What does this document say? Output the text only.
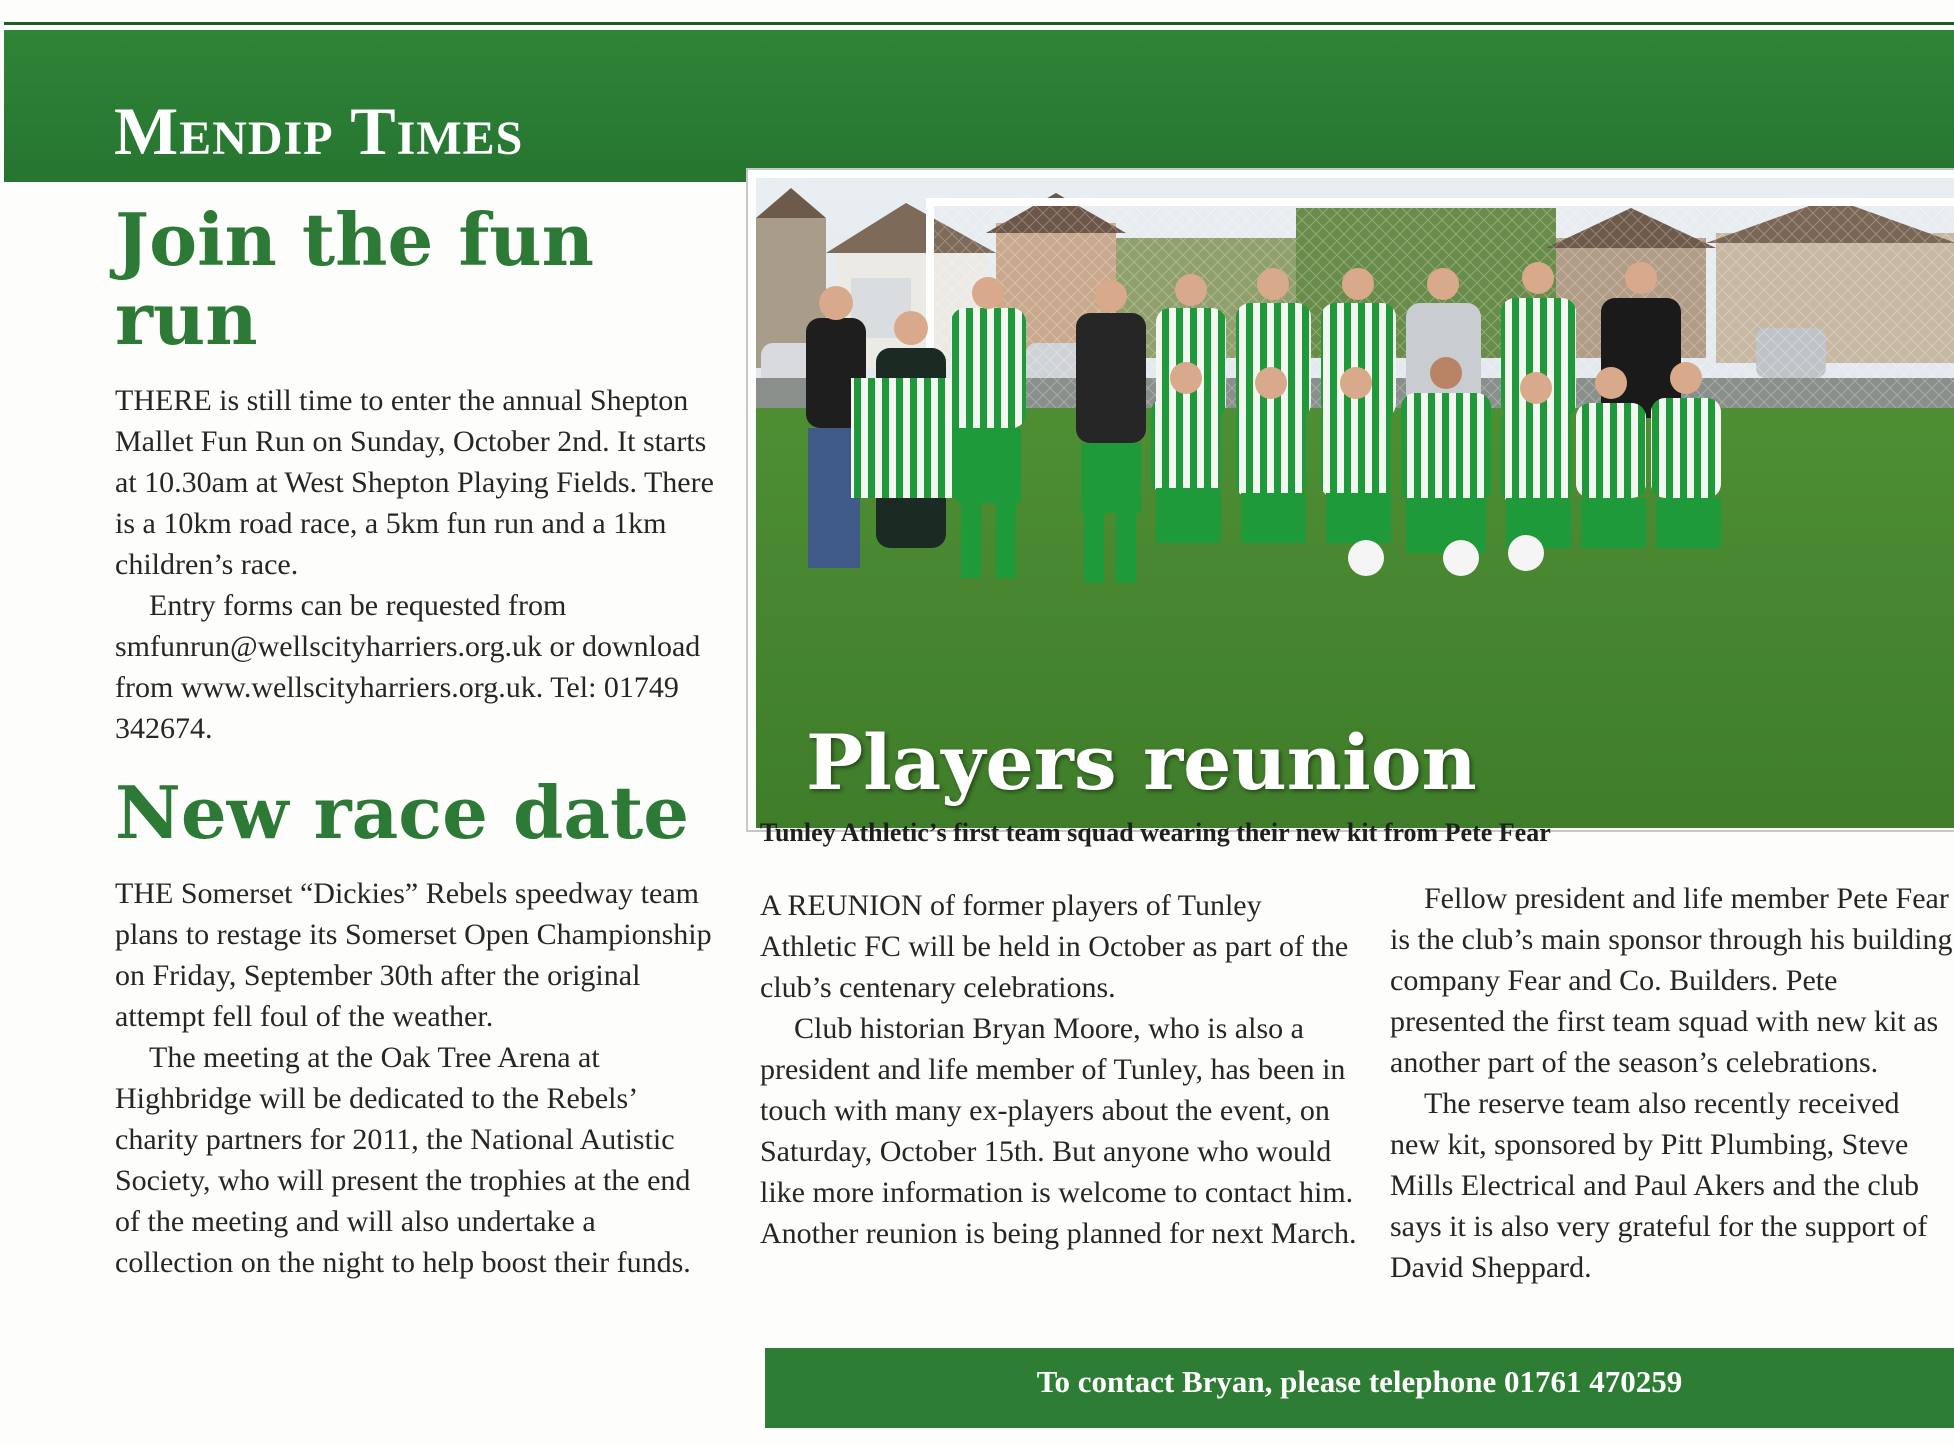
Mendip Times
Join the fun run

THERE is still time to enter the annual Shepton Mallet Fun Run on Sunday, October 2nd. It starts at 10.30am at West Shepton Playing Fields. There is a 10km road race, a 5km fun run and a 1km children’s race.

Entry forms can be requested from smfunrun@wellscityharriers.org.uk or download from www.wellscityharriers.org.uk. Tel: 01749 342674.

New race date

THE Somerset “Dickies” Rebels speedway team plans to restage its Somerset Open Championship on Friday, September 30th after the original attempt fell foul of the weather.

The meeting at the Oak Tree Arena at Highbridge will be dedicated to the Rebels’ charity partners for 2011, the National Autistic Society, who will present the trophies at the end of the meeting and will also undertake a collection on the night to help boost their funds.

Players reunion
Tunley Athletic’s first team squad wearing their new kit from Pete Fear

A REUNION of former players of Tunley Athletic FC will be held in October as part of the club’s centenary celebrations.

Club historian Bryan Moore, who is also a president and life member of Tunley, has been in touch with many ex-players about the event, on Saturday, October 15th. But anyone who would like more information is welcome to contact him. Another reunion is being planned for next March.

Fellow president and life member Pete Fear is the club’s main sponsor through his building company Fear and Co. Builders. Pete presented the first team squad with new kit as another part of the season’s celebrations.

The reserve team also recently received new kit, sponsored by Pitt Plumbing, Steve Mills Electrical and Paul Akers and the club says it is also very grateful for the support of David Sheppard.

To contact Bryan, please telephone 01761 470259
